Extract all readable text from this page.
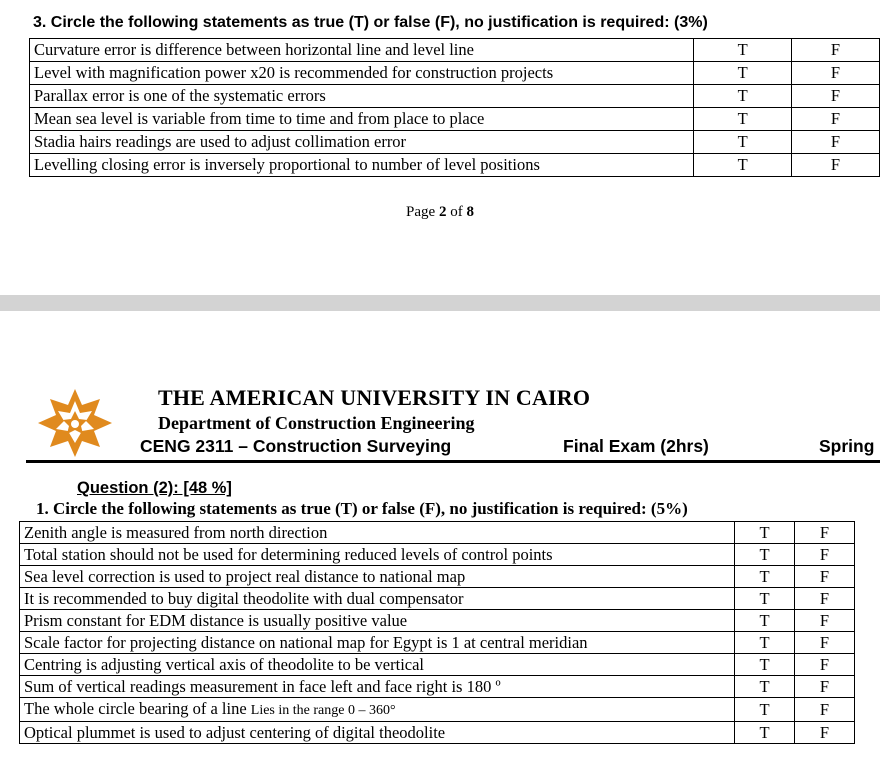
3. Circle the following statements as true (T) or false (F), no justification is required: (3%)
Curvature error is difference between horizontal line and level line	T	F
Level with magnification power x20 is recommended for construction projects	T	F
Parallax error is one of the systematic errors	T	F
Mean sea level is variable from time to time and from place to place	T	F
Stadia hairs readings are used to adjust collimation error	T	F
Levelling closing error is inversely proportional to number of level positions	T	F
Page 2 of 8
THE AMERICAN UNIVERSITY IN CAIRO
Department of Construction Engineering
CENG 2311 – Construction Surveying	Final Exam (2hrs)	Spring
Question (2): [48 %]
1. Circle the following statements as true (T) or false (F), no justification is required: (5%)
Zenith angle is measured from north direction	T	F
Total station should not be used for determining reduced levels of control points	T	F
Sea level correction is used to project real distance to national map	T	F
It is recommended to buy digital theodolite with dual compensator	T	F
Prism constant for EDM distance is usually positive value	T	F
Scale factor for projecting distance on national map for Egypt is 1 at central meridian	T	F
Centring is adjusting vertical axis of theodolite to be vertical	T	F
Sum of vertical readings measurement in face left and face right is 180 º	T	F
The whole circle bearing of a line Lies in the range 0 – 360°	T	F
Optical plummet is used to adjust centering of digital theodolite	T	F
